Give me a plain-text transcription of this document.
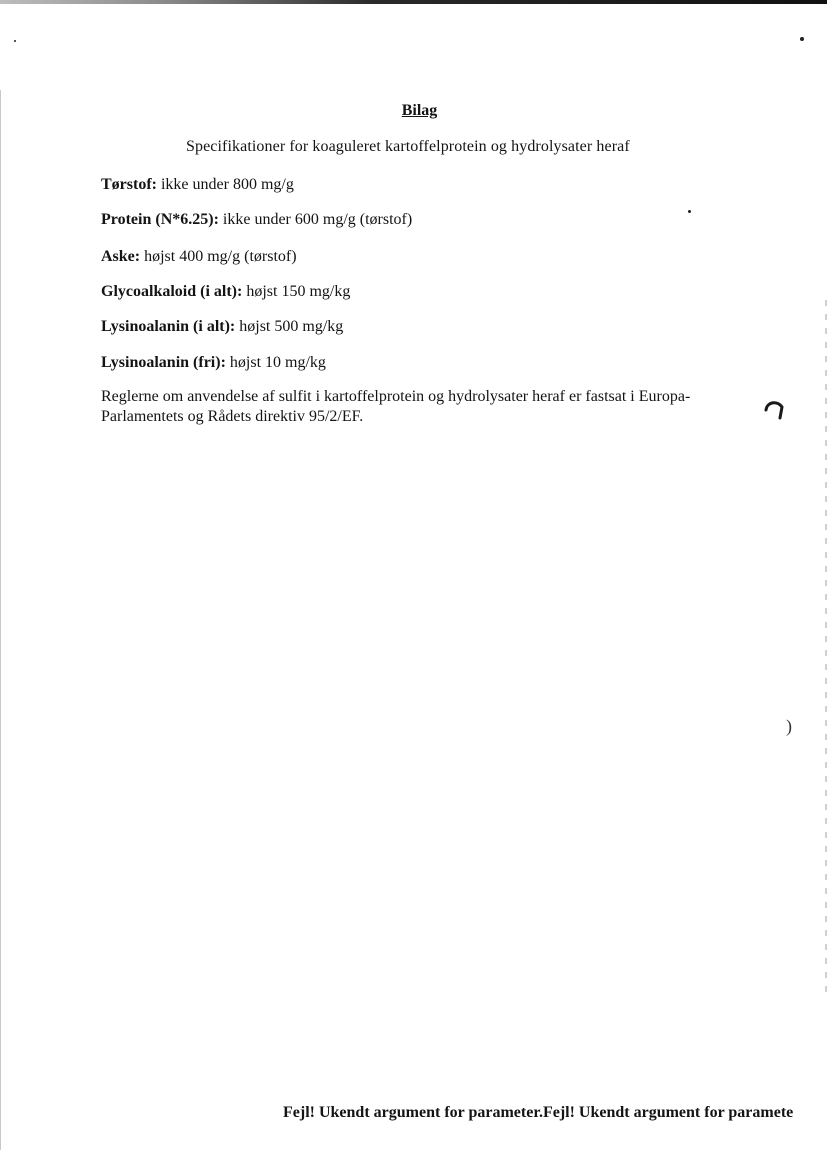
Bilag
Specifikationer for koaguleret kartoffelprotein og hydrolysater heraf
Tørstof: ikke under 800 mg/g
Protein (N*6.25): ikke under 600 mg/g (tørstof)
Aske: højst 400 mg/g (tørstof)
Glycoalkaloid (i alt): højst 150 mg/kg
Lysinoalanin (i alt): højst 500 mg/kg
Lysinoalanin (fri): højst 10 mg/kg
Reglerne om anvendelse af sulfit i kartoffelprotein og hydrolysater heraf er fastsat i Europa-Parlamentets og Rådets direktiv 95/2/EF.
Fejl! Ukendt argument for parameter.Fejl! Ukendt argument for paramete
)
